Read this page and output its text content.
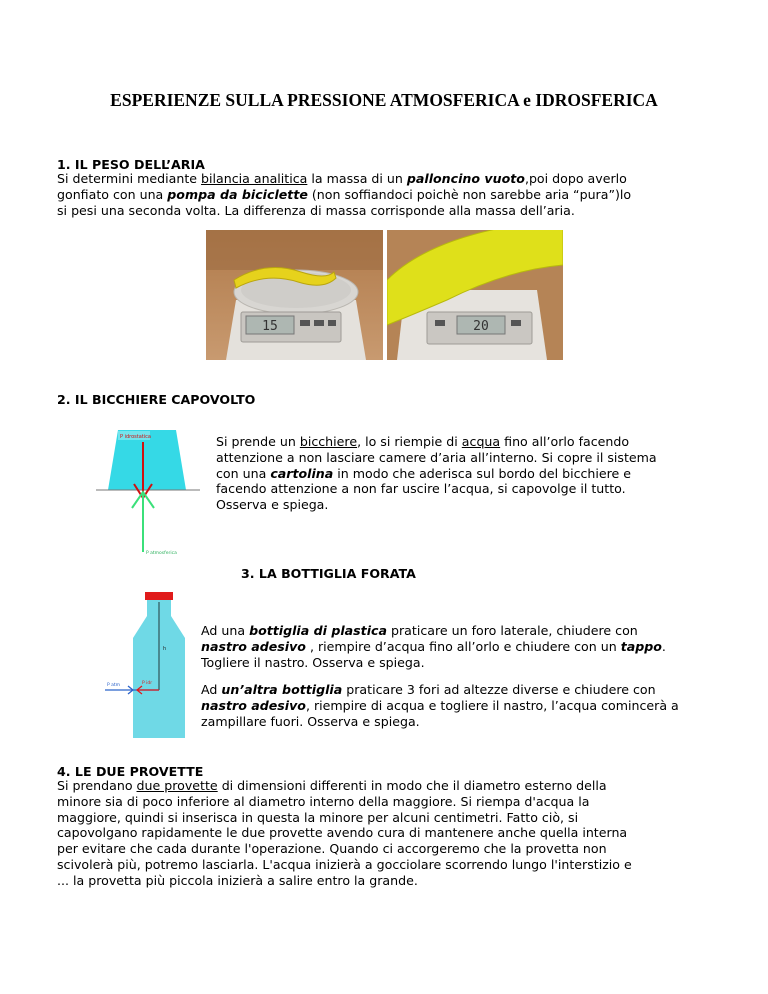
ESPERIENZE SULLA PRESSIONE ATMOSFERICA e IDROSFERICA
1. IL PESO DELL’ARIA
Si determini mediante bilancia analitica la massa di un palloncino vuoto,poi dopo averlo
gonfiato con una pompa da biciclette (non soffiandoci poichè non sarebbe aria “pura”)lo
si pesi una seconda volta. La differenza di massa corrisponde alla massa dell’aria.
15	20
2. IL BICCHIERE CAPOVOLTO
P idrostatica
P atmosferica
Si prende un bicchiere, lo si riempie di acqua fino all’orlo facendo
attenzione a non lasciare camere d’aria all’interno. Si copre il sistema
con una cartolina in modo che aderisca sul bordo del bicchiere e
facendo attenzione a non far uscire l’acqua, si capovolge il tutto.
Osserva e spiega.
3. LA BOTTIGLIA FORATA
h
P atm	P idr
Ad una bottiglia di plastica praticare un foro laterale, chiudere con
nastro adesivo , riempire d’acqua fino all’orlo e chiudere con un tappo.
Togliere il nastro. Osserva e spiega.
Ad un’altra bottiglia praticare 3 fori ad altezze diverse e chiudere con
nastro adesivo, riempire di acqua e togliere il nastro, l’acqua comincerà a
zampillare fuori. Osserva e spiega.
4. LE DUE PROVETTE
Si prendano due provette di dimensioni differenti in modo che il diametro esterno della
minore sia di poco inferiore al diametro interno della maggiore. Si riempa d'acqua la
maggiore, quindi si inserisca in questa la minore per alcuni centimetri. Fatto ciò, si
capovolgano rapidamente le due provette avendo cura di mantenere anche quella interna
per evitare che cada durante l'operazione. Quando ci accorgeremo che la provetta non
scivolerà più, potremo lasciarla. L'acqua inizierà a gocciolare scorrendo lungo l'interstizio e
... la provetta più piccola inizierà a salire entro la grande.
